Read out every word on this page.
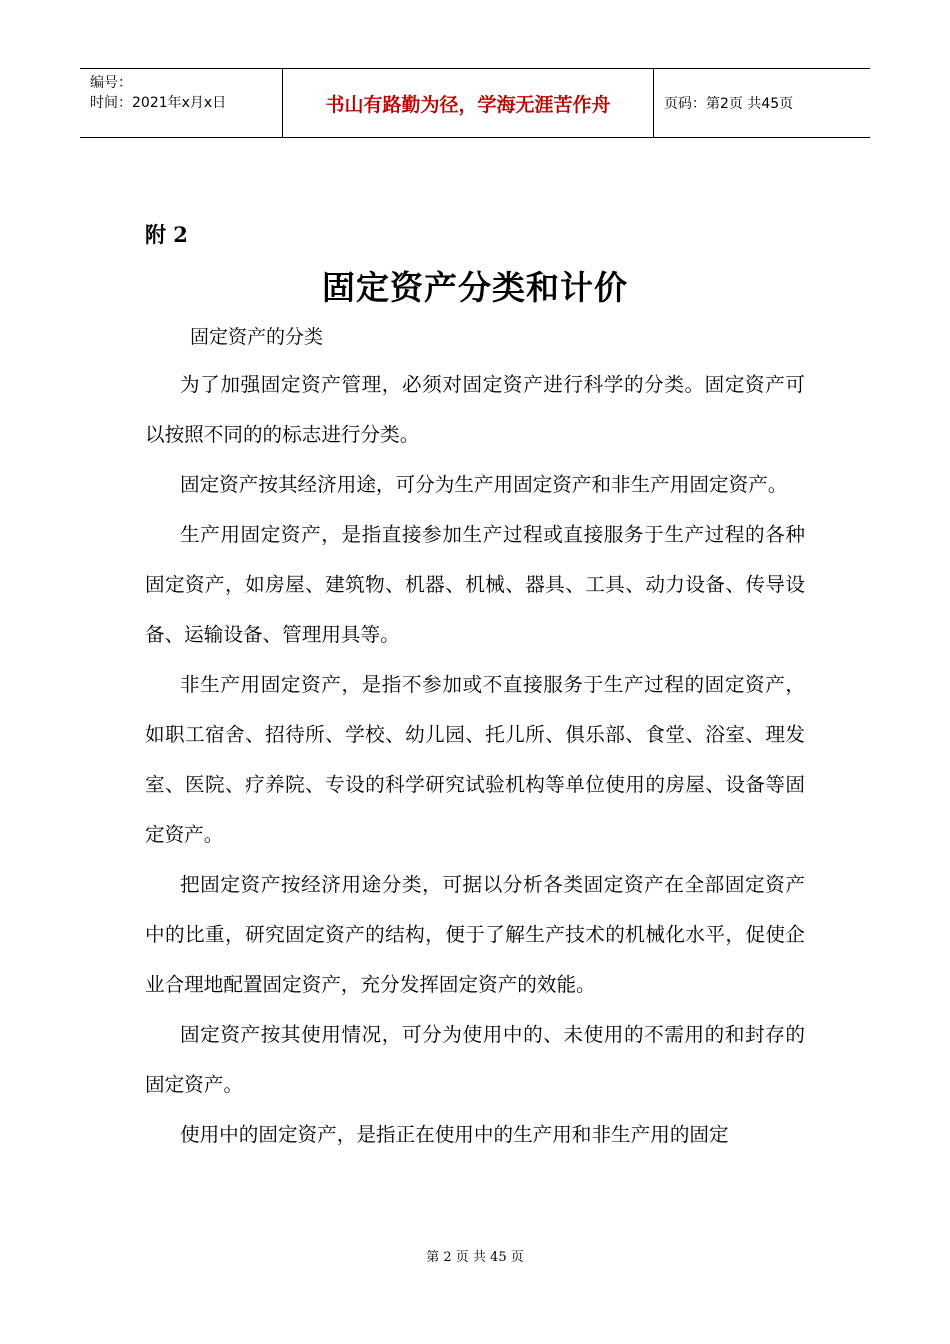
编号：
时间：2021年x月x日	书山有路勤为径，学海无涯苦作舟	页码：第2页 共45页
附 2
固定资产分类和计价
固定资产的分类

为了加强固定资产管理，必须对固定资产进行科学的分类。固定资产可以按照不同的的标志进行分类。

固定资产按其经济用途，可分为生产用固定资产和非生产用固定资产。

生产用固定资产，是指直接参加生产过程或直接服务于生产过程的各种固定资产，如房屋、建筑物、机器、机械、器具、工具、动力设备、传导设备、运输设备、管理用具等。

非生产用固定资产，是指不参加或不直接服务于生产过程的固定资产，如职工宿舍、招待所、学校、幼儿园、托儿所、俱乐部、食堂、浴室、理发室、医院、疗养院、专设的科学研究试验机构等单位使用的房屋、设备等固定资产。

把固定资产按经济用途分类，可据以分析各类固定资产在全部固定资产中的比重，研究固定资产的结构，便于了解生产技术的机械化水平，促使企业合理地配置固定资产，充分发挥固定资产的效能。

固定资产按其使用情况，可分为使用中的、未使用的不需用的和封存的固定资产。

使用中的固定资产，是指正在使用中的生产用和非生产用的固定

第 2 页 共 45 页
